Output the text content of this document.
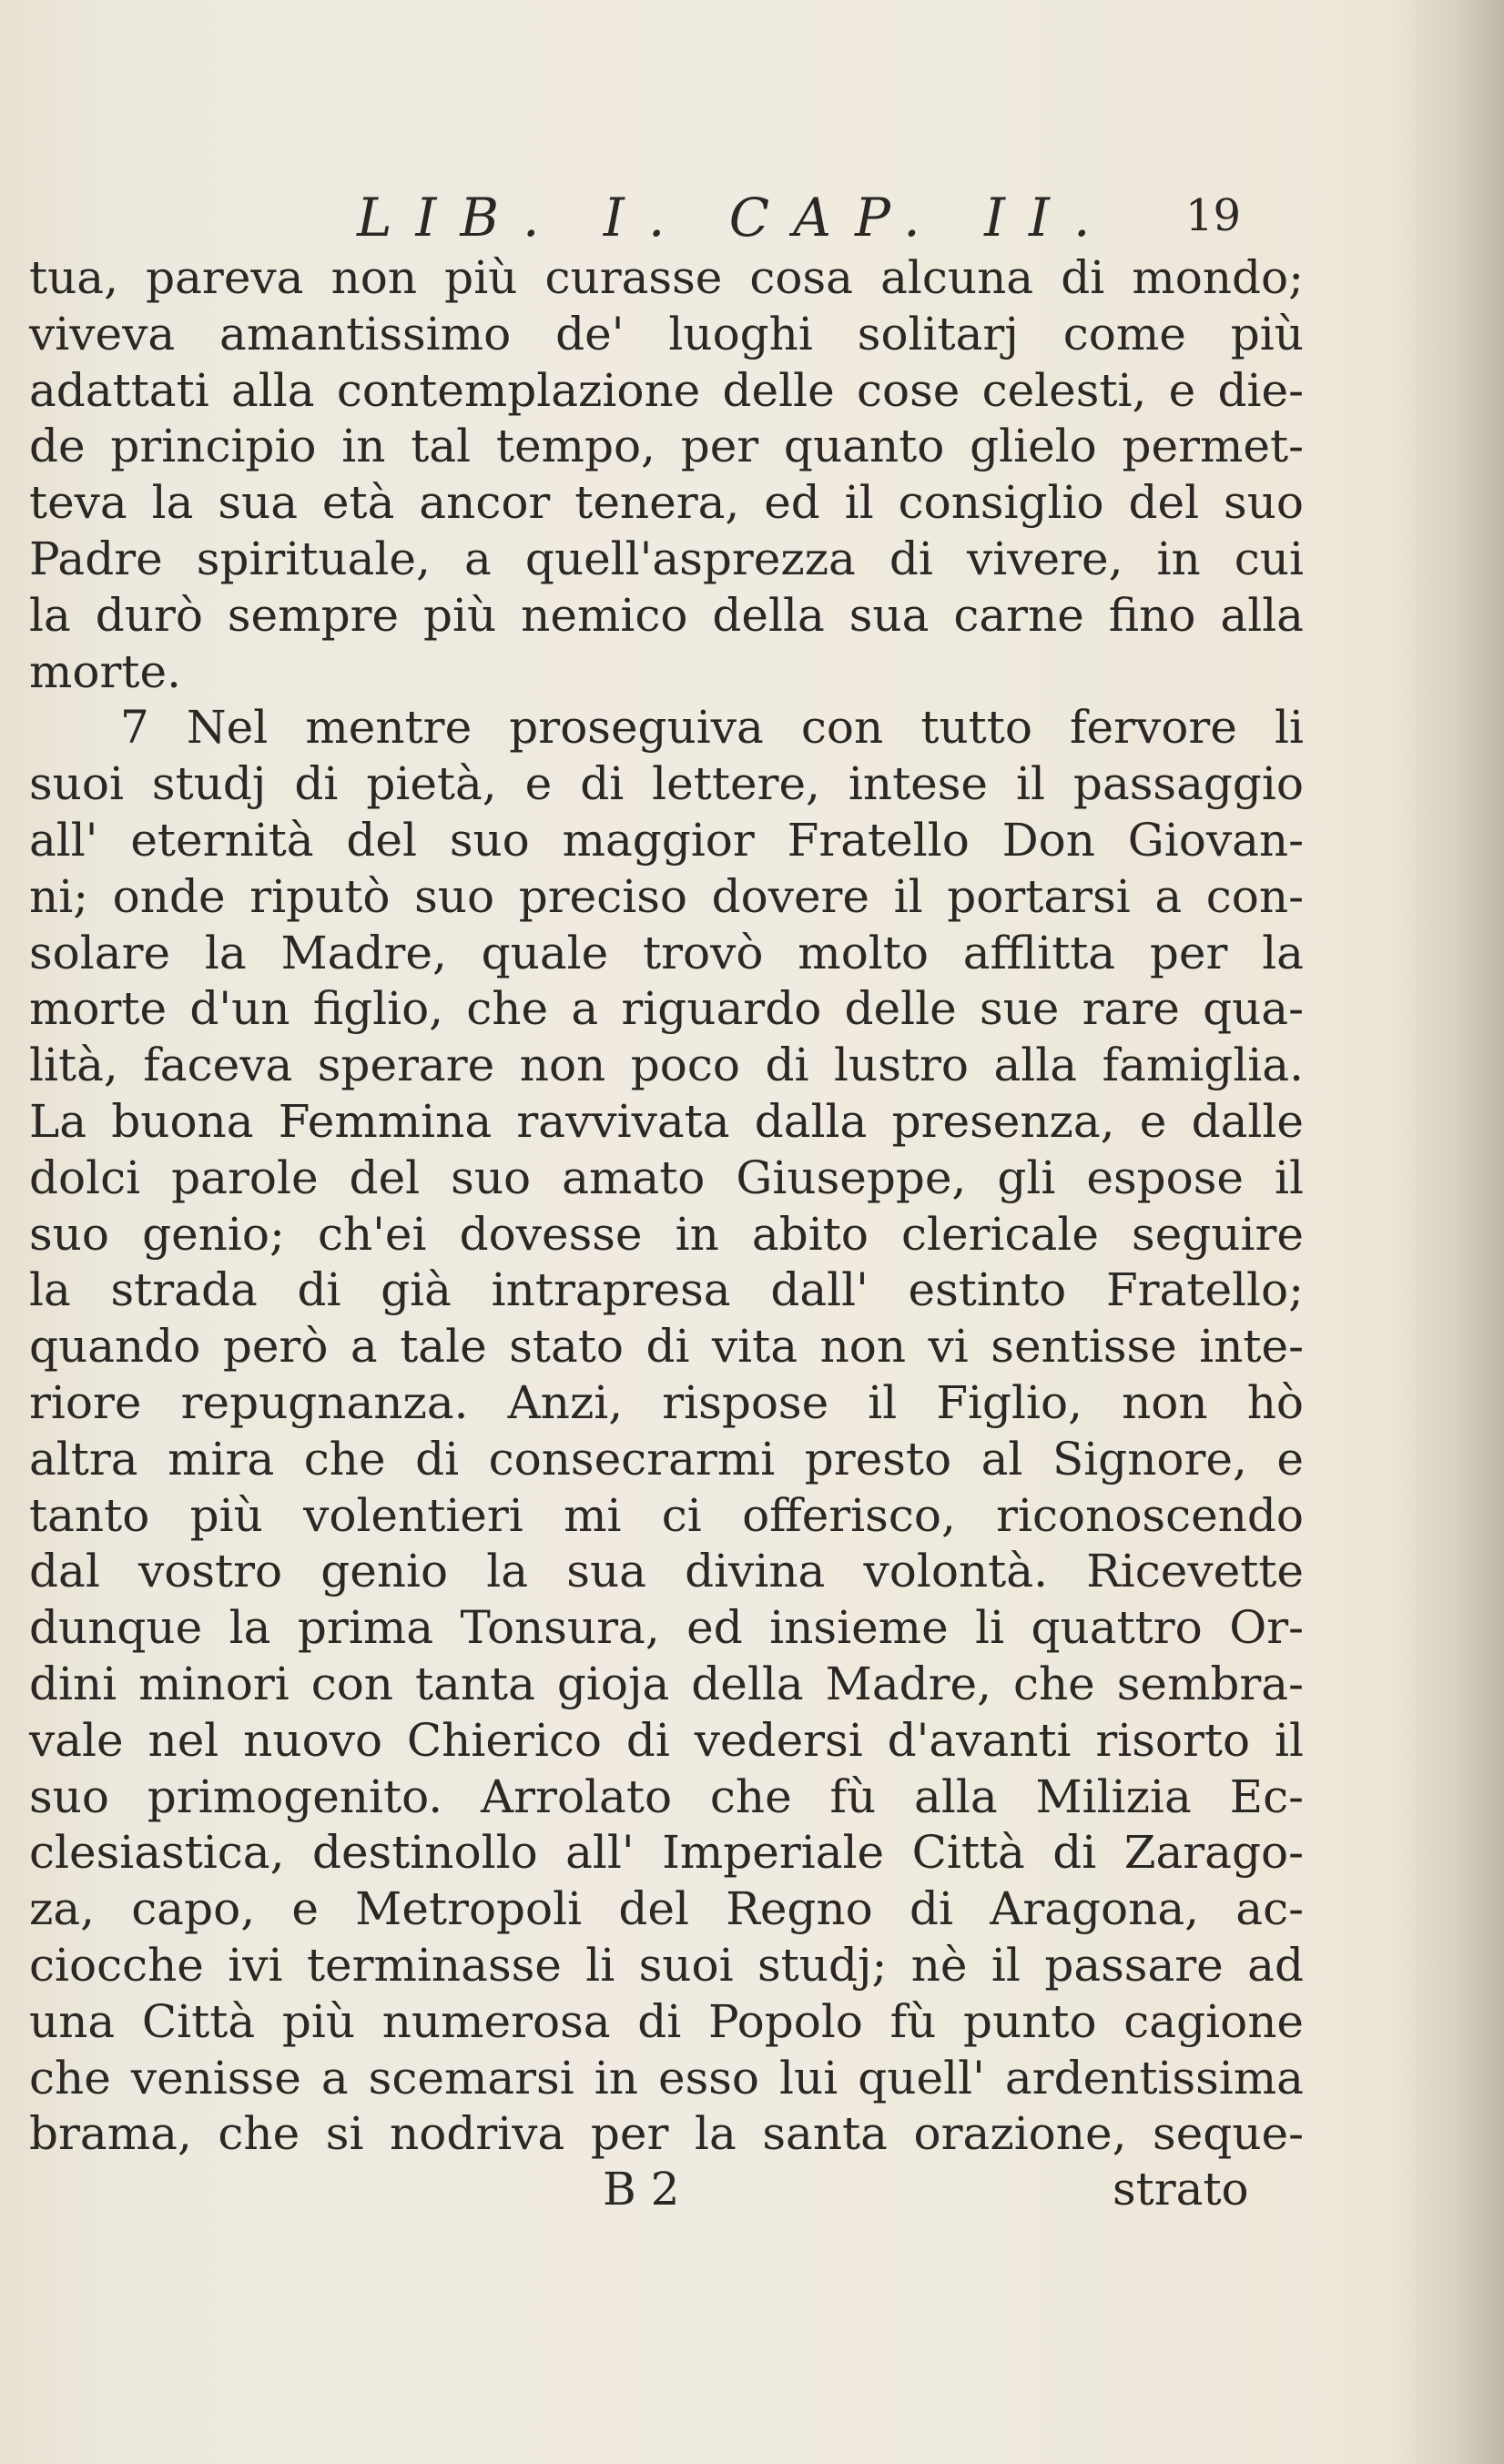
LIB. I. CAP. II. 19
tua, pareva non più curasse cosa alcuna di mondo;
viveva amantissimo de' luoghi solitarj come più
adattati alla contemplazione delle cose celesti, e die-
de principio in tal tempo, per quanto glielo permet-
teva la sua età ancor tenera, ed il consiglio del suo
Padre spirituale, a quell'asprezza di vivere, in cui
la durò sempre più nemico della sua carne fino alla
morte.
7 Nel mentre proseguiva con tutto fervore li
suoi studj di pietà, e di lettere, intese il passaggio
all' eternità del suo maggior Fratello Don Giovan-
ni; onde riputò suo preciso dovere il portarsi a con-
solare la Madre, quale trovò molto afflitta per la
morte d'un figlio, che a riguardo delle sue rare qua-
lità, faceva sperare non poco di lustro alla famiglia.
La buona Femmina ravvivata dalla presenza, e dalle
dolci parole del suo amato Giuseppe, gli espose il
suo genio; ch'ei dovesse in abito clericale seguire
la strada di già intrapresa dall' estinto Fratello;
quando però a tale stato di vita non vi sentisse inte-
riore repugnanza. Anzi, rispose il Figlio, non hò
altra mira che di consecrarmi presto al Signore, e
tanto più volentieri mi ci offerisco, riconoscendo
dal vostro genio la sua divina volontà. Ricevette
dunque la prima Tonsura, ed insieme li quattro Or-
dini minori con tanta gioja della Madre, che sembra-
vale nel nuovo Chierico di vedersi d'avanti risorto il
suo primogenito. Arrolato che fù alla Milizia Ec-
clesiastica, destinollo all' Imperiale Città di Zarago-
za, capo, e Metropoli del Regno di Aragona, ac-
ciocche ivi terminasse li suoi studj; nè il passare ad
una Città più numerosa di Popolo fù punto cagione
che venisse a scemarsi in esso lui quell' ardentissima
brama, che si nodriva per la santa orazione, seque-
B 2	strato
